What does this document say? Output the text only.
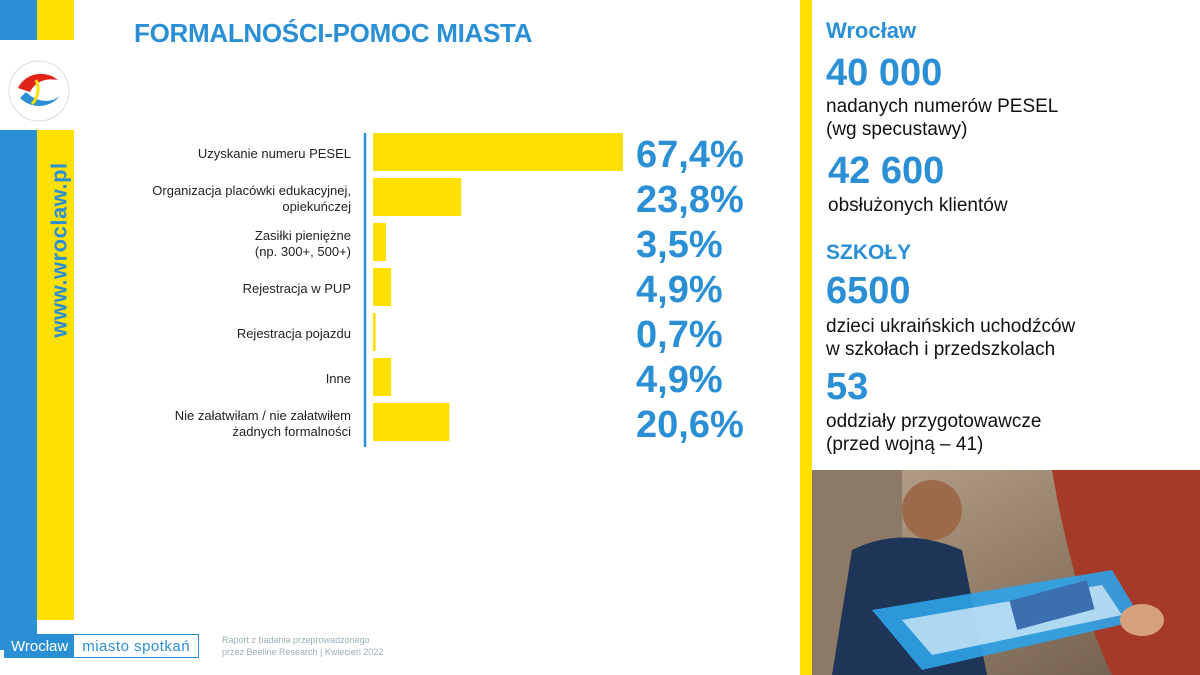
www.wroclaw.pl
FORMALNOŚCI-POMOC MIASTA
Uzyskanie numeru PESEL	67,4%
Organizacja placówki edukacyjnej, opiekuńczej	23,8%
Zasiłki pieniężne (np. 300+, 500+)	3,5%
Rejestracja w PUP	4,9%
Rejestracja pojazdu	0,7%
Inne	4,9%
Nie załatwiłam / nie załatwiłem żadnych formalności	20,6%
Wrocław
40 000
nadanych numerów PESEL
(wg specustawy)
42 600
obsłużonych klientów
SZKOŁY
6500
dzieci ukraińskich uchodźców
w szkołach i przedszkolach
53
oddziały przygotowawcze
(przed wojną – 41)
Wrocław miasto spotkań	Raport z badania przeprowadzonego
przez Beeline Research | Kwiecień 2022
